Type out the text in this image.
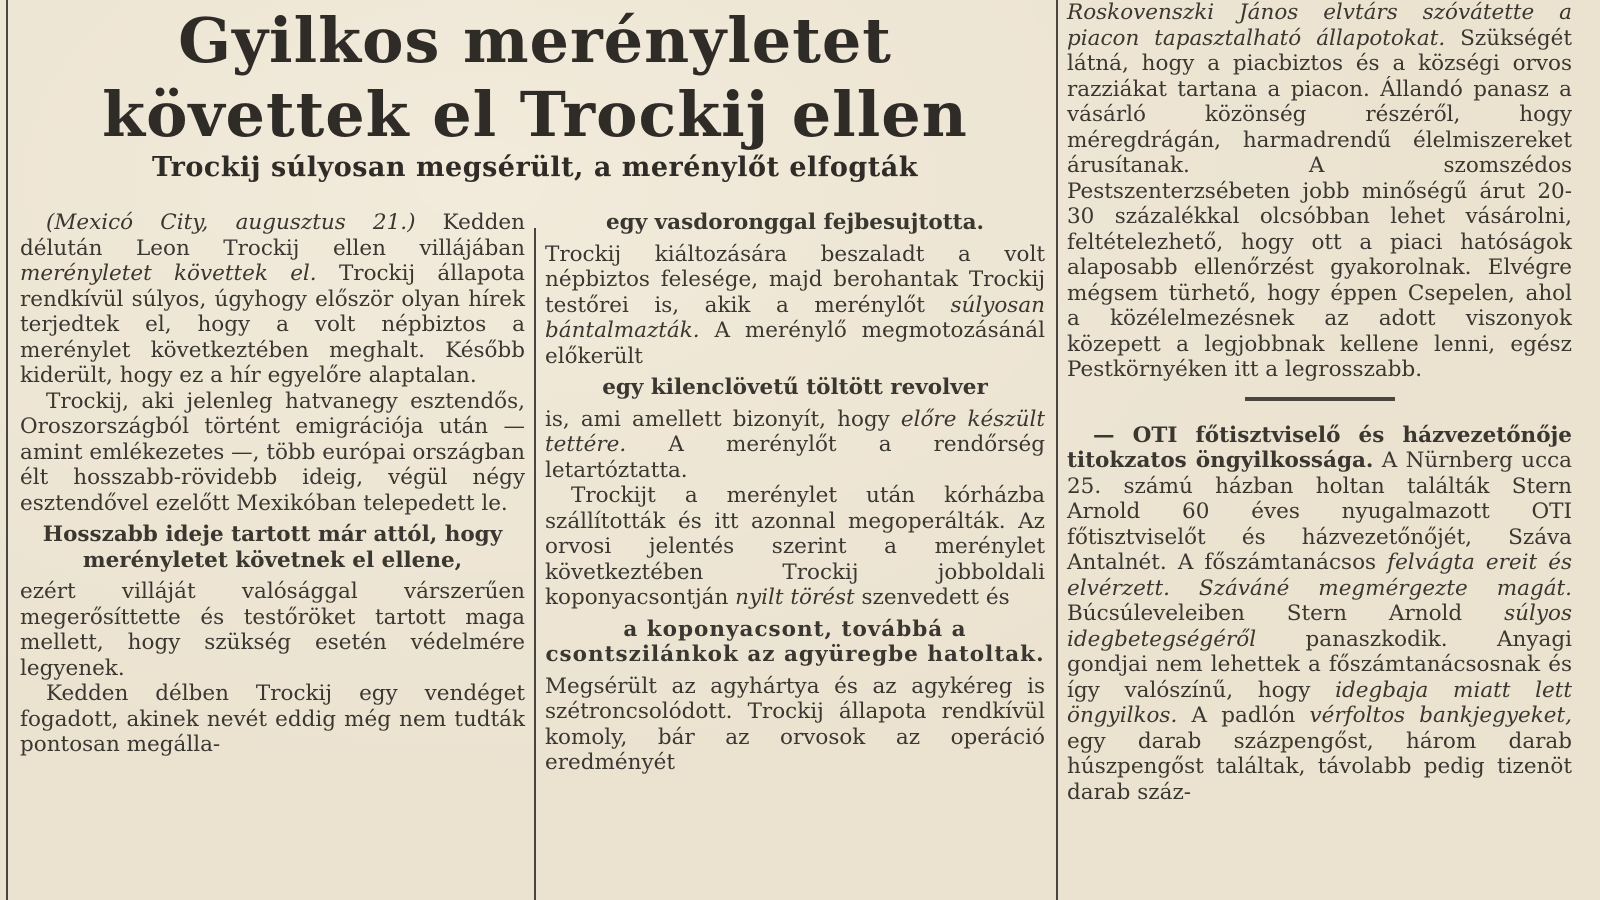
Gyilkos merényletet
követtek el Trockij ellen
Trockij súlyosan megsérült, a merénylőt elfogták

(Mexicó City, augusztus 21.) Kedden délután Leon Trockij ellen villájában merényletet követtek el. Trockij állapota rendkívül súlyos, úgyhogy először olyan hírek terjedtek el, hogy a volt népbiztos a merénylet következtében meghalt. Később kiderült, hogy ez a hír egyelőre alaptalan.

Trockij, aki jelenleg hatvanegy esztendős, Oroszországból történt emigrációja után — amint emlékezetes —, több európai országban élt hosszabb-rövidebb ideig, végül négy esztendővel ezelőtt Mexikóban telepedett le.

Hosszabb ideje tartott már attól, hogy merényletet követnek el ellene,

ezért villáját valósággal várszerűen megerősíttette és testőröket tartott maga mellett, hogy szükség esetén védelmére legyenek.

Kedden délben Trockij egy vendéget fogadott, akinek nevét eddig még nem tudták pontosan megálla-

egy vasdoronggal fejbesujtotta.

Trockij kiáltozására beszaladt a volt népbiztos felesége, majd berohantak Trockij testőrei is, akik a merénylőt súlyosan bántalmazták. A merénylő megmotozásánál előkerült

egy kilenclövetű töltött revolver

is, ami amellett bizonyít, hogy előre készült tettére. A merénylőt a rendőrség letartóztatta.

Trockijt a merénylet után kórházba szállították és itt azonnal megoperálták. Az orvosi jelentés szerint a merénylet következtében Trockij jobboldali koponyacsontján nyilt törést szenvedett és

a koponyacsont, továbbá a csontszilánkok az agyüregbe hatoltak.

Megsérült az agyhártya és az agykéreg is szétroncsolódott. Trockij állapota rendkívül komoly, bár az orvosok az operáció eredményét

Roskovenszki János elvtárs szóvátette a piacon tapasztalható állapotokat. Szükségét látná, hogy a piacbiztos és a községi orvos razziákat tartana a piacon. Állandó panasz a vásárló közönség részéről, hogy méregdrágán, harmadrendű élelmiszereket árusítanak. A szomszédos Pestszenterzsébeten jobb minőségű árut 20-30 százalékkal olcsóbban lehet vásárolni, feltételezhető, hogy ott a piaci hatóságok alaposabb ellenőrzést gyakorolnak. Elvégre mégsem türhető, hogy éppen Csepelen, ahol a közélelmezésnek az adott viszonyok közepett a legjobbnak kellene lenni, egész Pestkörnyéken itt a legrosszabb.

— OTI főtisztviselő és házvezetőnője titokzatos öngyilkossága. A Nürnberg ucca 25. számú házban holtan találták Stern Arnold 60 éves nyugalmazott OTI főtisztviselőt és házvezetőnőjét, Száva Antalnét. A főszámtanácsos felvágta ereit és elvérzett. Száváné megmérgezte magát. Búcsúleveleiben Stern Arnold súlyos idegbetegségéről panaszkodik. Anyagi gondjai nem lehettek a főszámtanácsosnak és így valószínű, hogy idegbaja miatt lett öngyilkos. A padlón vérfoltos bankjegyeket, egy darab százpengőst, három darab húszpengőst találtak, távolabb pedig tizenöt darab száz-
